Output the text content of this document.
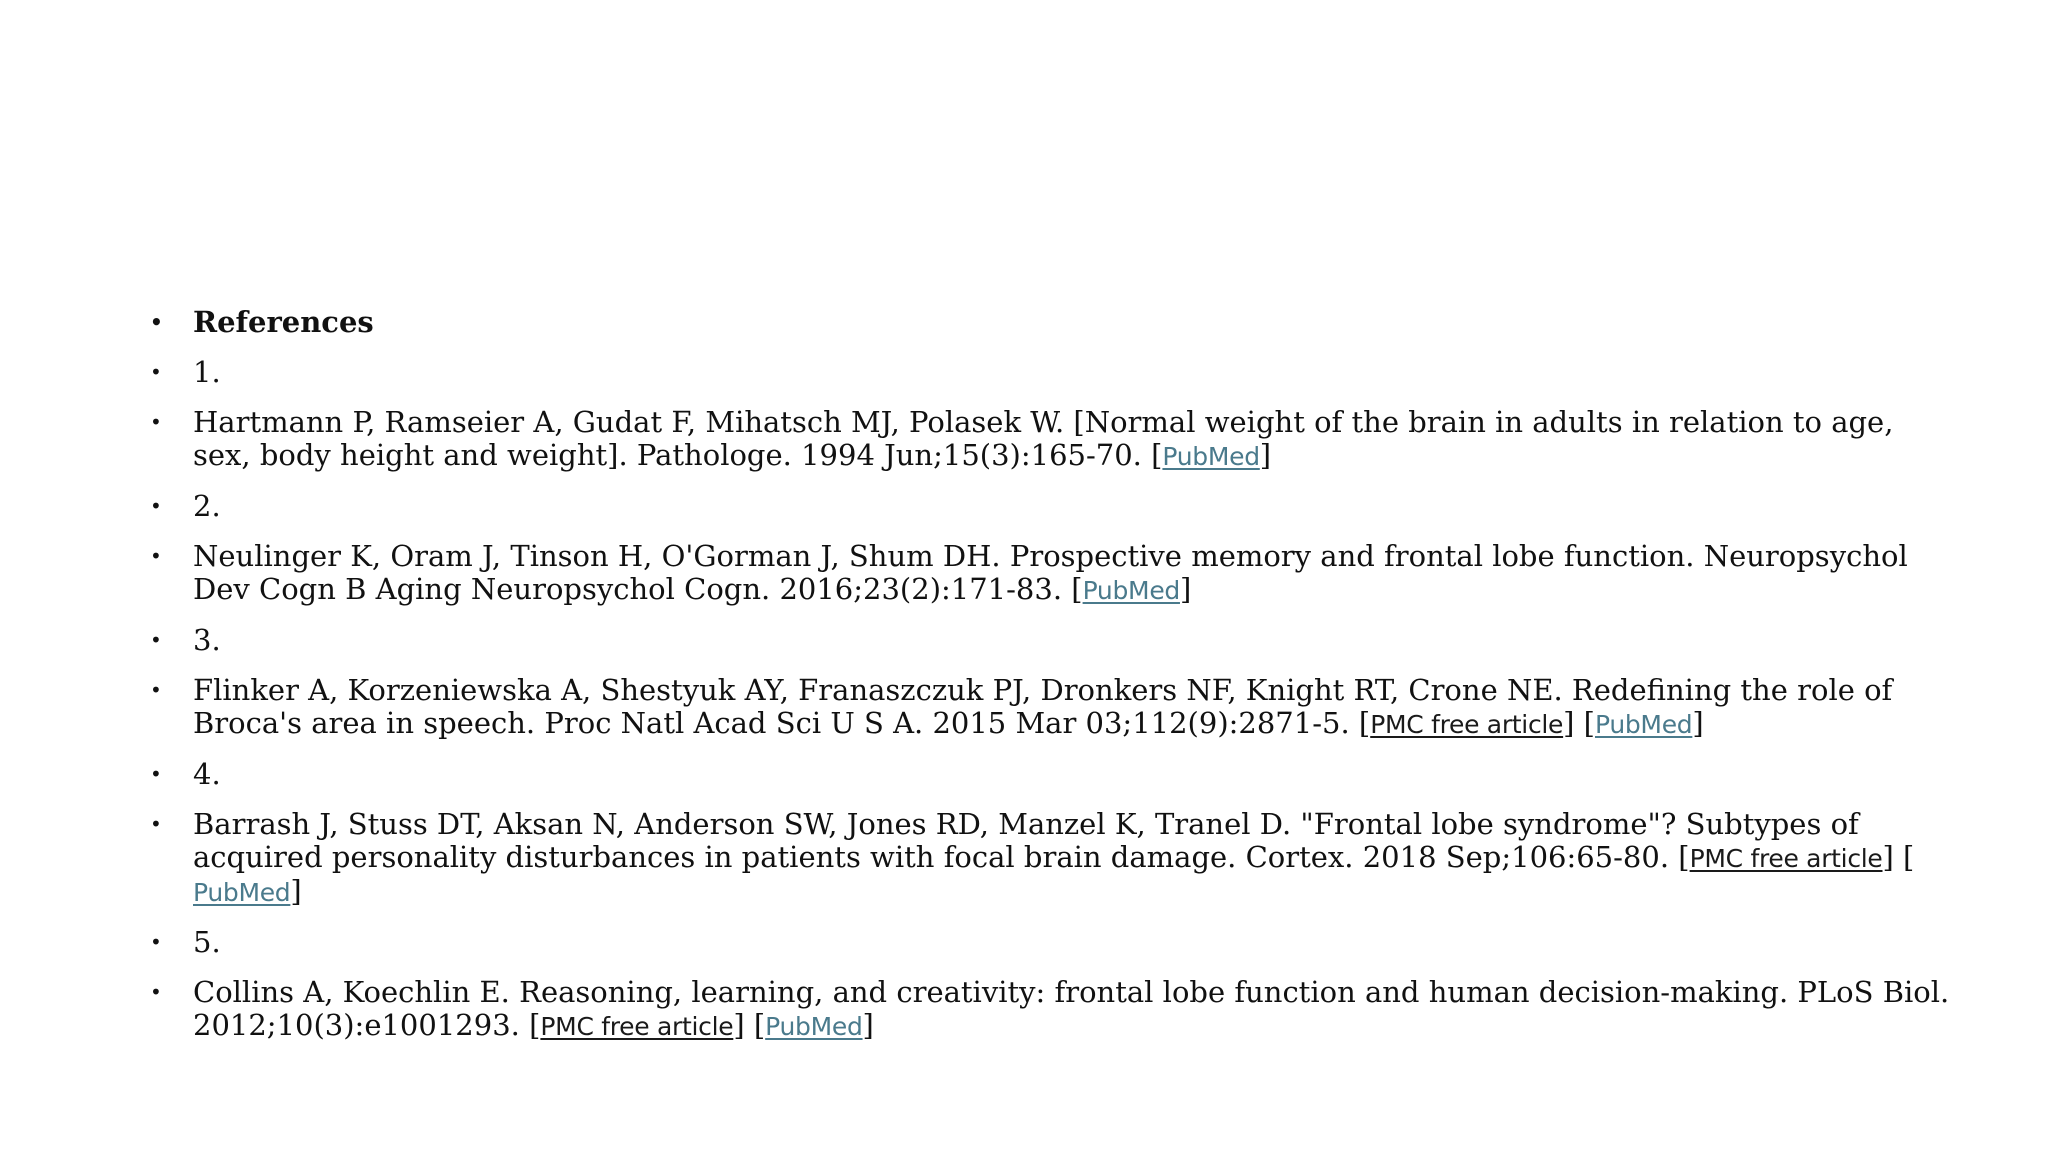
• References
• 1.
• Hartmann P, Ramseier A, Gudat F, Mihatsch MJ, Polasek W. [Normal weight of the brain in adults in relation to age, sex, body height and weight]. Pathologe. 1994 Jun;15(3):165-70. [PubMed]
• 2.
• Neulinger K, Oram J, Tinson H, O'Gorman J, Shum DH. Prospective memory and frontal lobe function. Neuropsychol Dev Cogn B Aging Neuropsychol Cogn. 2016;23(2):171-83. [PubMed]
• 3.
• Flinker A, Korzeniewska A, Shestyuk AY, Franaszczuk PJ, Dronkers NF, Knight RT, Crone NE. Redefining the role of Broca's area in speech. Proc Natl Acad Sci U S A. 2015 Mar 03;112(9):2871-5. [PMC free article] [PubMed]
• 4.
• Barrash J, Stuss DT, Aksan N, Anderson SW, Jones RD, Manzel K, Tranel D. "Frontal lobe syndrome"? Subtypes of acquired personality disturbances in patients with focal brain damage. Cortex. 2018 Sep;106:65-80. [PMC free article] [ PubMed]
• 5.
• Collins A, Koechlin E. Reasoning, learning, and creativity: frontal lobe function and human decision-making. PLoS Biol. 2012;10(3):e1001293. [PMC free article] [PubMed]
